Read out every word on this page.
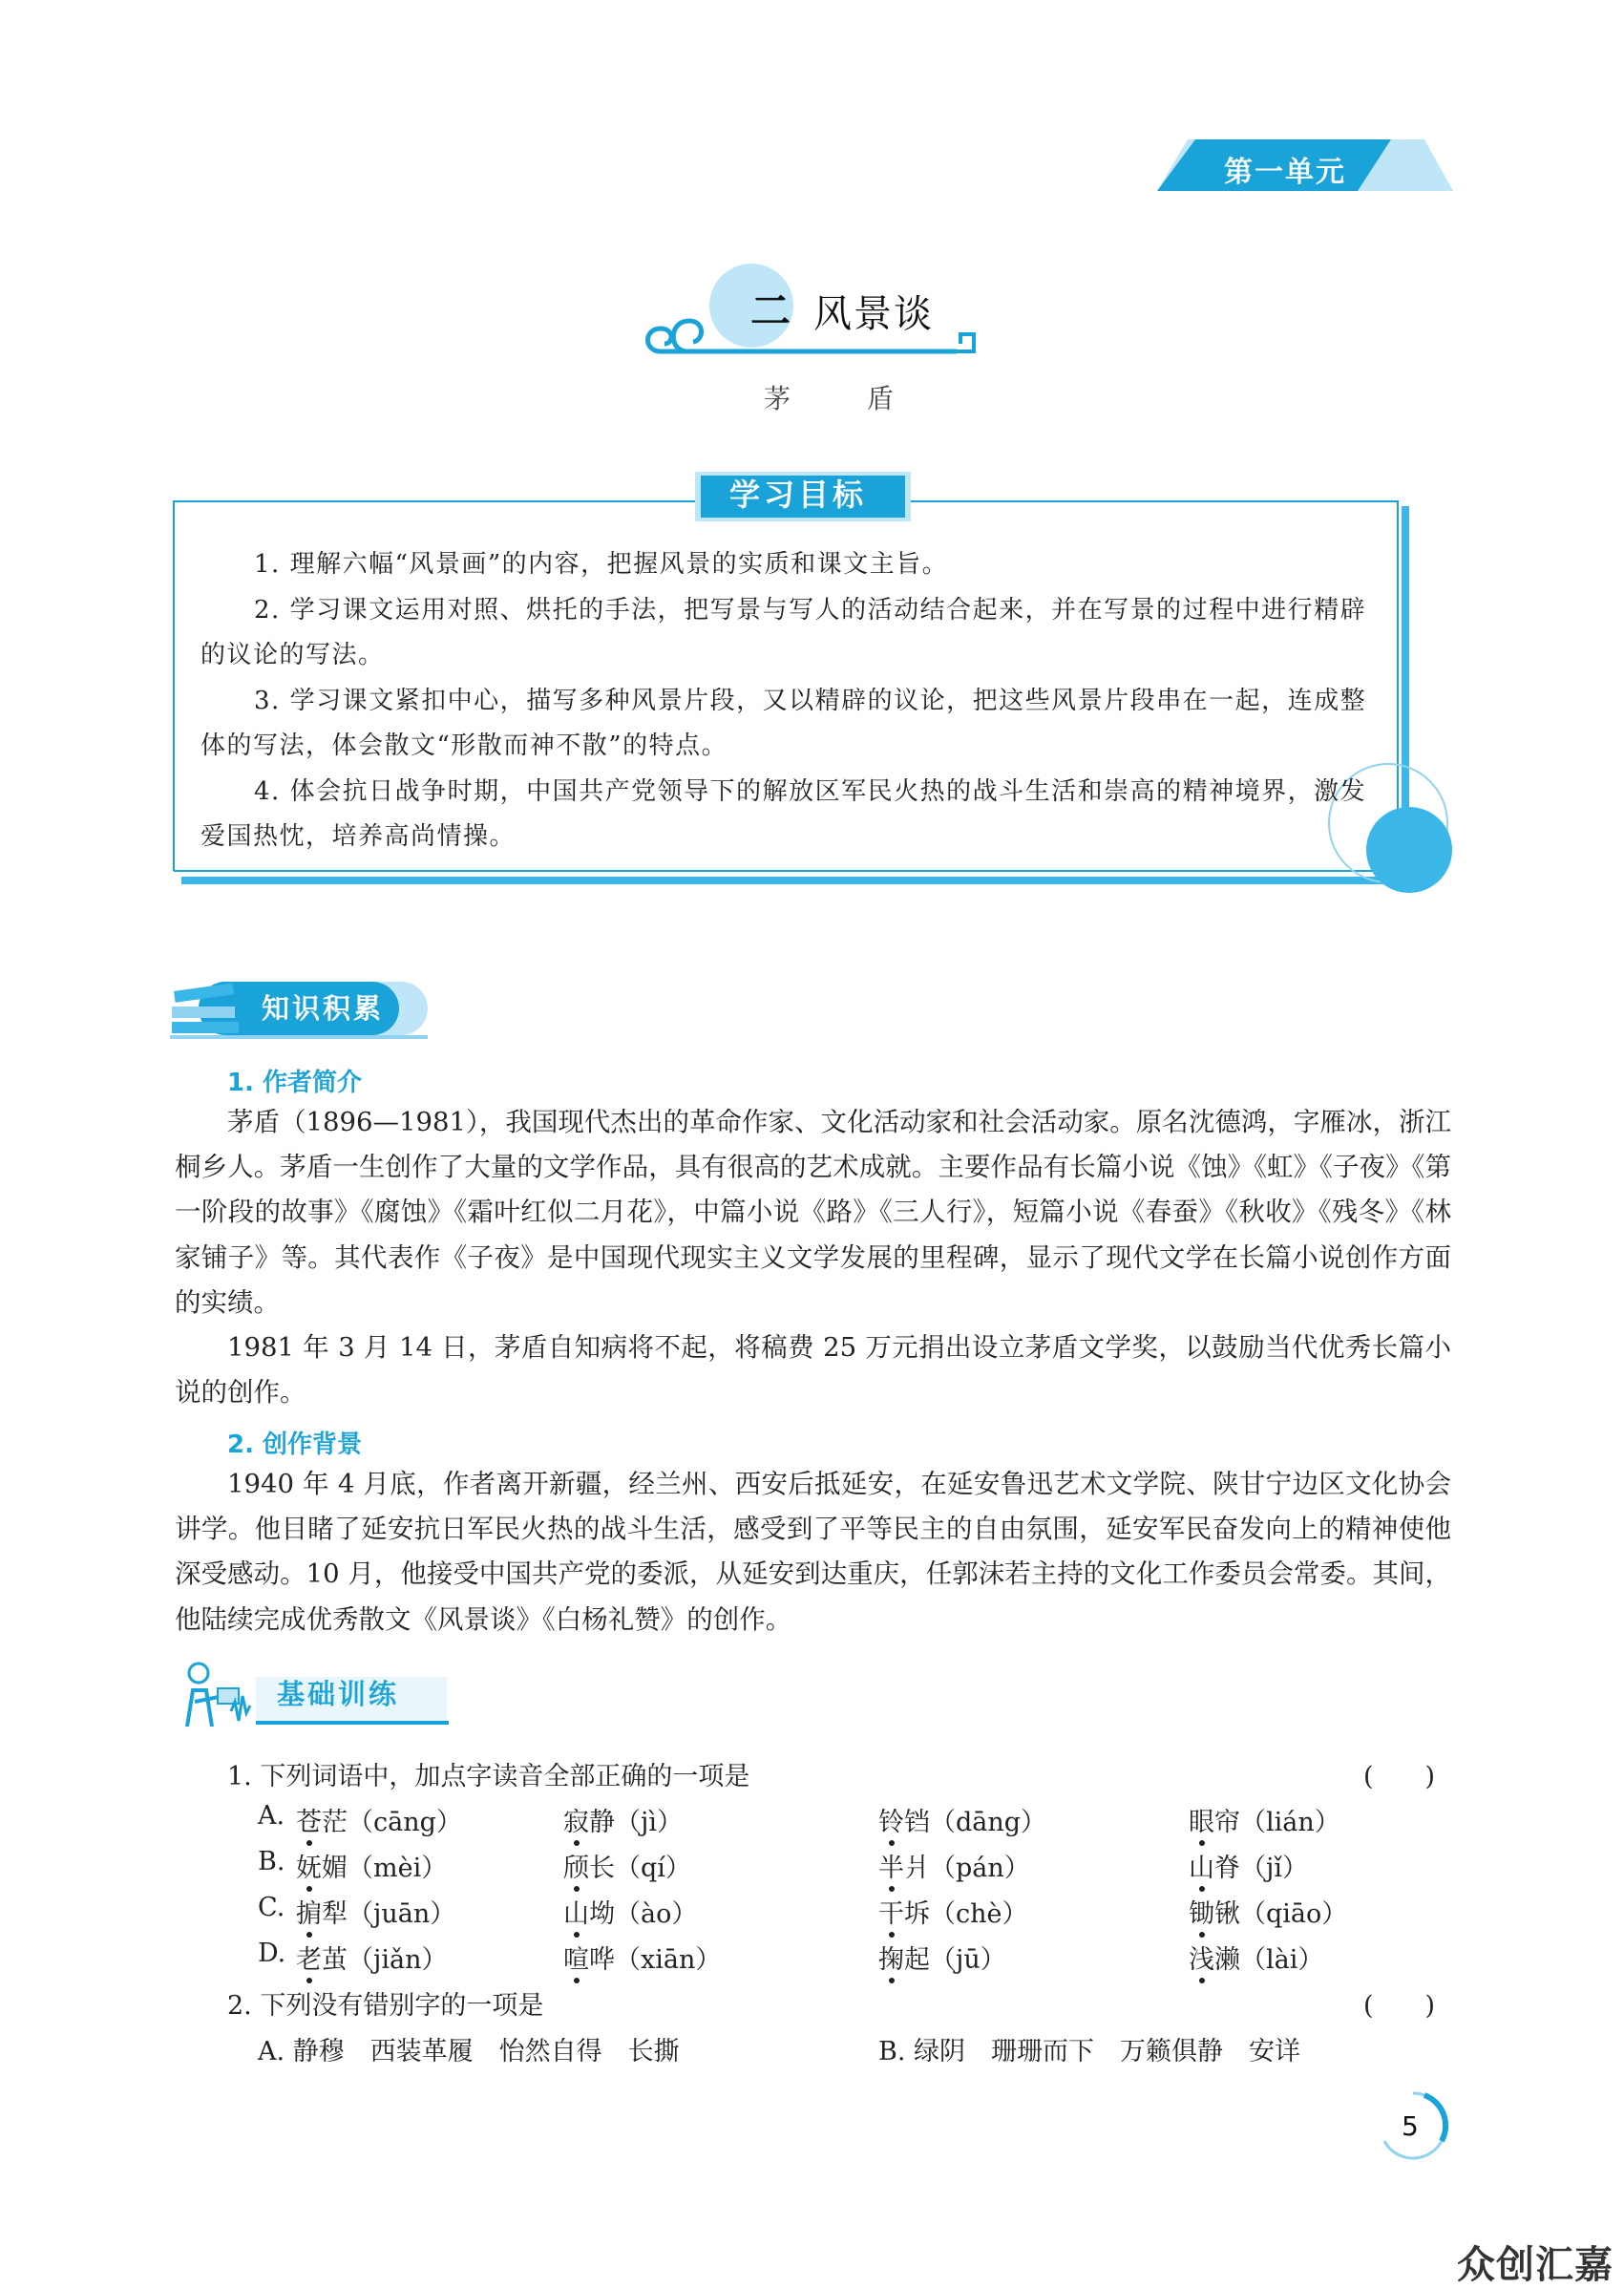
第一单元
二 风景谈
茅　盾
学习目标

1. 理解六幅“风景画”的内容，把握风景的实质和课文主旨。

2. 学习课文运用对照、烘托的手法，把写景与写人的活动结合起来，并在写景的过程中进行精辟的议论的写法。

3. 学习课文紧扣中心，描写多种风景片段，又以精辟的议论，把这些风景片段串在一起，连成整体的写法，体会散文“形散而神不散”的特点。

4. 体会抗日战争时期，中国共产党领导下的解放区军民火热的战斗生活和崇高的精神境界，激发爱国热忱，培养高尚情操。

知识积累
1. 作者简介

茅盾（1896—1981），我国现代杰出的革命作家、文化活动家和社会活动家。原名沈德鸿，字雁冰，浙江桐乡人。茅盾一生创作了大量的文学作品，具有很高的艺术成就。主要作品有长篇小说《蚀》《虹》《子夜》《第一阶段的故事》《腐蚀》《霜叶红似二月花》，中篇小说《路》《三人行》，短篇小说《春蚕》《秋收》《残冬》《林家铺子》等。其代表作《子夜》是中国现代现实主义文学发展的里程碑，显示了现代文学在长篇小说创作方面的实绩。

1981 年 3 月 14 日，茅盾自知病将不起，将稿费 25 万元捐出设立茅盾文学奖，以鼓励当代优秀长篇小说的创作。

2. 创作背景

1940 年 4 月底，作者离开新疆，经兰州、西安后抵延安，在延安鲁迅艺术文学院、陕甘宁边区文化协会讲学。他目睹了延安抗日军民火热的战斗生活，感受到了平等民主的自由氛围，延安军民奋发向上的精神使他深受感动。10 月，他接受中国共产党的委派，从延安到达重庆，任郭沫若主持的文化工作委员会常委。其间，他陆续完成优秀散文《风景谈》《白杨礼赞》的创作。

基础训练
1. 下列词语中，加点字读音全部正确的一项是	(　　)
A. 苍茫（cāng）	寂静（jì）	铃铛（dāng）	眼帘（lián）
B. 妩媚（mèi）	颀长（qí）	半爿（pán）	山脊（jǐ）
C. 掮犁（juān）	山坳（ào）	干坼（chè）	锄锹（qiāo）
D. 老茧（jiǎn）	喧哗（xiān）	掬起（jū）	浅濑（lài）
2. 下列没有错别字的一项是	(　　)
A. 静穆　西装革履　怡然自得　长撕	B. 绿阴　珊珊而下　万籁俱静　安详
5
众创汇嘉
